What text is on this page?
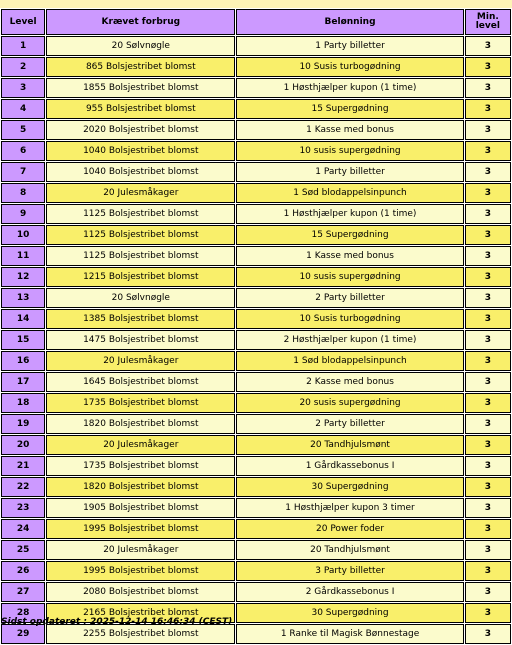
Level	Krævet forbrug	Belønning	Min.
level
1	20 Sølvnøgle	1 Party billetter	3
2	865 Bolsjestribet blomst	10 Susis turbogødning	3
3	1855 Bolsjestribet blomst	1 Høsthjælper kupon (1 time)	3
4	955 Bolsjestribet blomst	15 Supergødning	3
5	2020 Bolsjestribet blomst	1 Kasse med bonus	3
6	1040 Bolsjestribet blomst	10 susis supergødning	3
7	1040 Bolsjestribet blomst	1 Party billetter	3
8	20 Julesmåkager	1 Sød blodappelsinpunch	3
9	1125 Bolsjestribet blomst	1 Høsthjælper kupon (1 time)	3
10	1125 Bolsjestribet blomst	15 Supergødning	3
11	1125 Bolsjestribet blomst	1 Kasse med bonus	3
12	1215 Bolsjestribet blomst	10 susis supergødning	3
13	20 Sølvnøgle	2 Party billetter	3
14	1385 Bolsjestribet blomst	10 Susis turbogødning	3
15	1475 Bolsjestribet blomst	2 Høsthjælper kupon (1 time)	3
16	20 Julesmåkager	1 Sød blodappelsinpunch	3
17	1645 Bolsjestribet blomst	2 Kasse med bonus	3
18	1735 Bolsjestribet blomst	20 susis supergødning	3
19	1820 Bolsjestribet blomst	2 Party billetter	3
20	20 Julesmåkager	20 Tandhjulsmønt	3
21	1735 Bolsjestribet blomst	1 Gårdkassebonus I	3
22	1820 Bolsjestribet blomst	30 Supergødning	3
23	1905 Bolsjestribet blomst	1 Høsthjælper kupon 3 timer	3
24	1995 Bolsjestribet blomst	20 Power foder	3
25	20 Julesmåkager	20 Tandhjulsmønt	3
26	1995 Bolsjestribet blomst	3 Party billetter	3
27	2080 Bolsjestribet blomst	2 Gårdkassebonus I	3
28	2165 Bolsjestribet blomst	30 Supergødning	3
29	2255 Bolsjestribet blomst	1 Ranke til Magisk Bønnestage	3
Sidst opdateret : 2025-12-14 16:46:34 (CEST)
